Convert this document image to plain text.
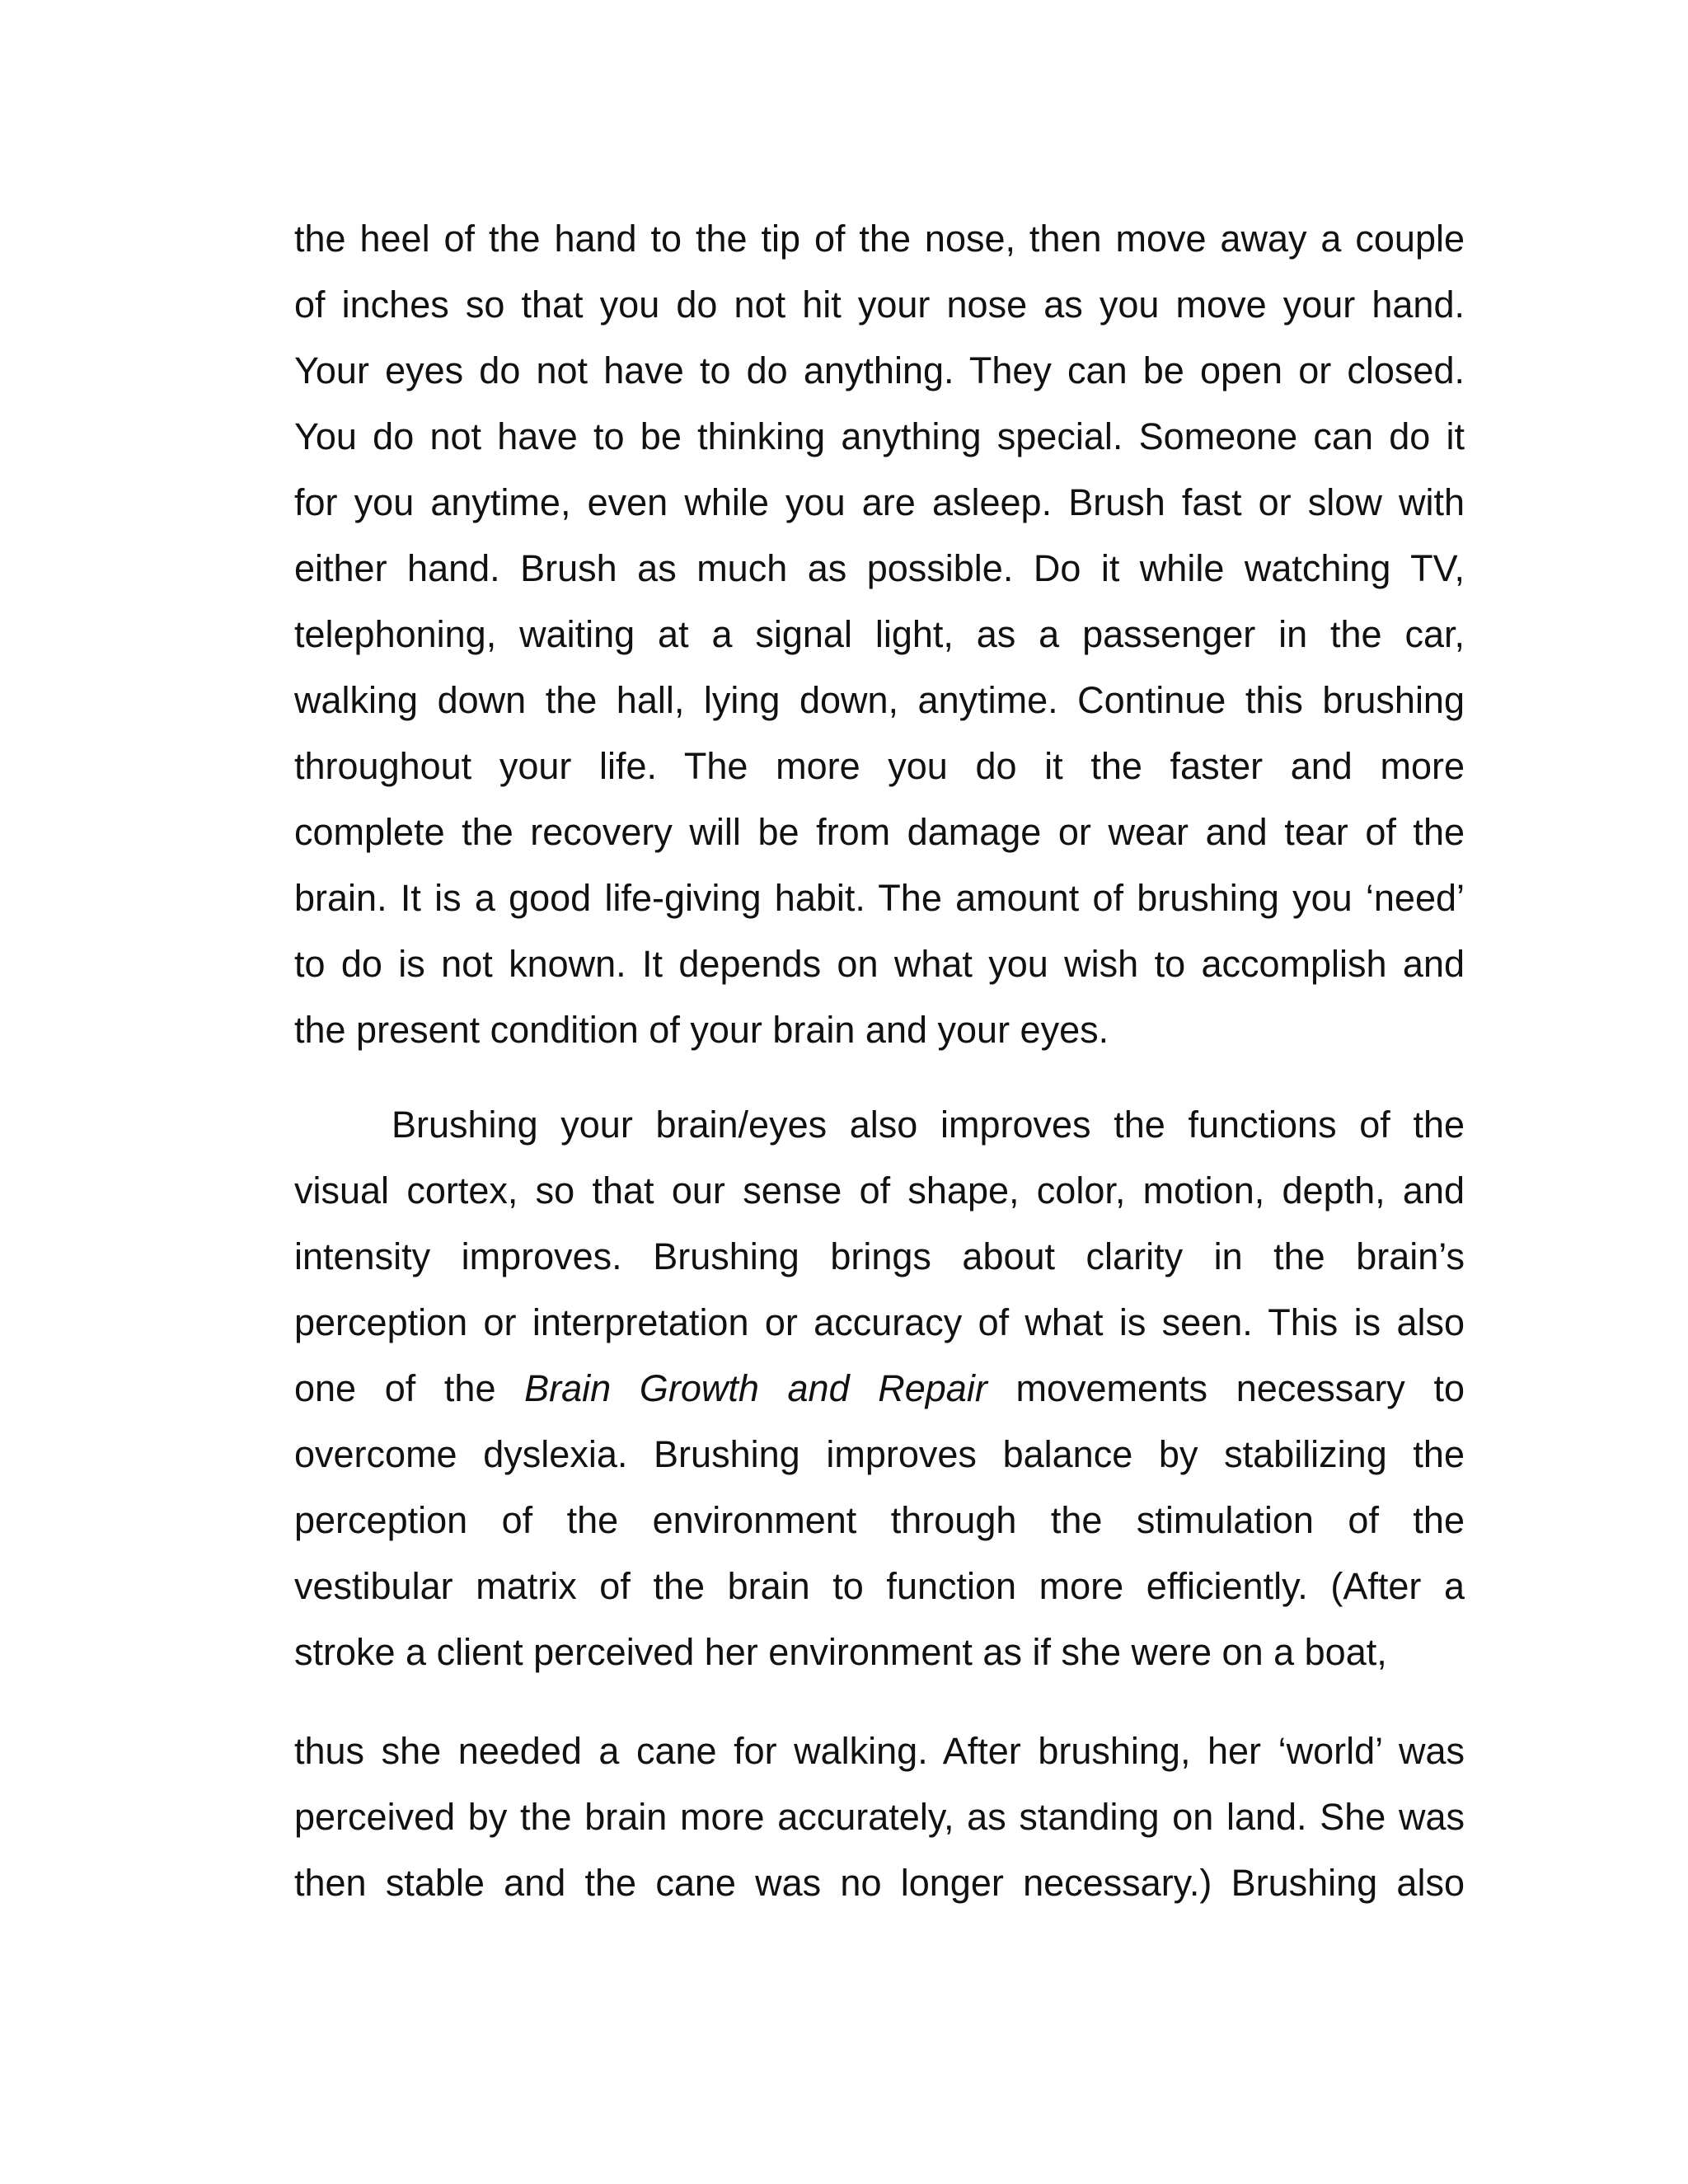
the heel of the hand to the tip of the nose, then move away a couple
of inches so that you do not hit your nose as you move your hand.
Your eyes do not have to do anything. They can be open or closed.
You do not have to be thinking anything special. Someone can do it
for you anytime, even while you are asleep. Brush fast or slow with
either hand. Brush as much as possible. Do it while watching TV,
telephoning, waiting at a signal light, as a passenger in the car,
walking down the hall, lying down, anytime. Continue this brushing
throughout your life. The more you do it the faster and more
complete the recovery will be from damage or wear and tear of the
brain. It is a good life-giving habit. The amount of brushing you ‘need’
to do is not known. It depends on what you wish to accomplish and
the present condition of your brain and your eyes.
Brushing your brain/eyes also improves the functions of the
visual cortex, so that our sense of shape, color, motion, depth, and
intensity improves. Brushing brings about clarity in the brain’s
perception or interpretation or accuracy of what is seen. This is also
one of the Brain Growth and Repair movements necessary to
overcome dyslexia. Brushing improves balance by stabilizing the
perception of the environment through the stimulation of the
vestibular matrix of the brain to function more efficiently. (After a
stroke a client perceived her environment as if she were on a boat,
thus she needed a cane for walking. After brushing, her ‘world’ was
perceived by the brain more accurately, as standing on land. She was
then stable and the cane was no longer necessary.) Brushing also
